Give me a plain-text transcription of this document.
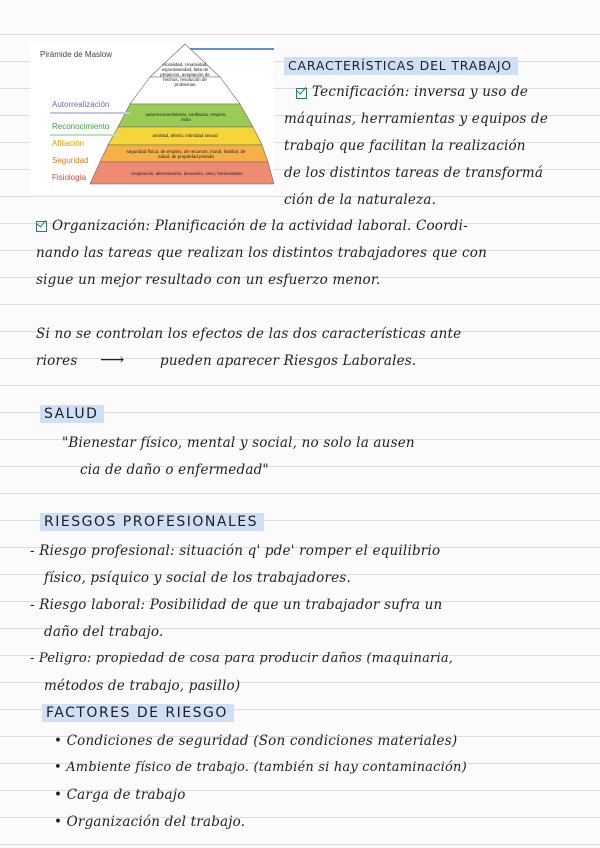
Pirámide de Maslow
moralidad, creatividad, espontaneidad, falta de prejuicios, aceptación de hechos, resolución de problemas
autorreconocimiento, confianza, respeto, éxito
amistad, afecto, intimidad sexual
seguridad física, de empleo, de recursos, moral, familiar, de salud, de propiedad privada
respiración, alimentación, descanso, sexo, homeostasis
Autorrealización
Reconocimiento
Afiliación
Seguridad
Fisiología
CARACTERÍSTICAS DEL TRABAJO
Tecnificación: inversa y uso de
máquinas, herramientas y equipos de
trabajo que facilitan la realización
de los distintos tareas de transformá
ción de la naturaleza.
Organización: Planificación de la actividad laboral. Coordi-
nando las tareas que realizan los distintos trabajadores que con
sigue un mejor resultado con un esfuerzo menor.
Si no se controlan los efectos de las dos características ante
riores ⟶	pueden aparecer Riesgos Laborales.
SALUD
"Bienestar físico, mental y social, no solo la ausen
cia de daño o enfermedad"
RIESGOS PROFESIONALES
- Riesgo profesional: situación q' pde' romper el equilibrio
físico, psíquico y social de los trabajadores.
- Riesgo laboral: Posibilidad de que un trabajador sufra un
daño del trabajo.
- Peligro: propiedad de cosa para producir daños (maquinaria,
métodos de trabajo, pasillo)
FACTORES DE RIESGO
• Condiciones de seguridad (Son condiciones materiales)
• Ambiente físico de trabajo. (también si hay contaminación)
• Carga de trabajo
• Organización del trabajo.
